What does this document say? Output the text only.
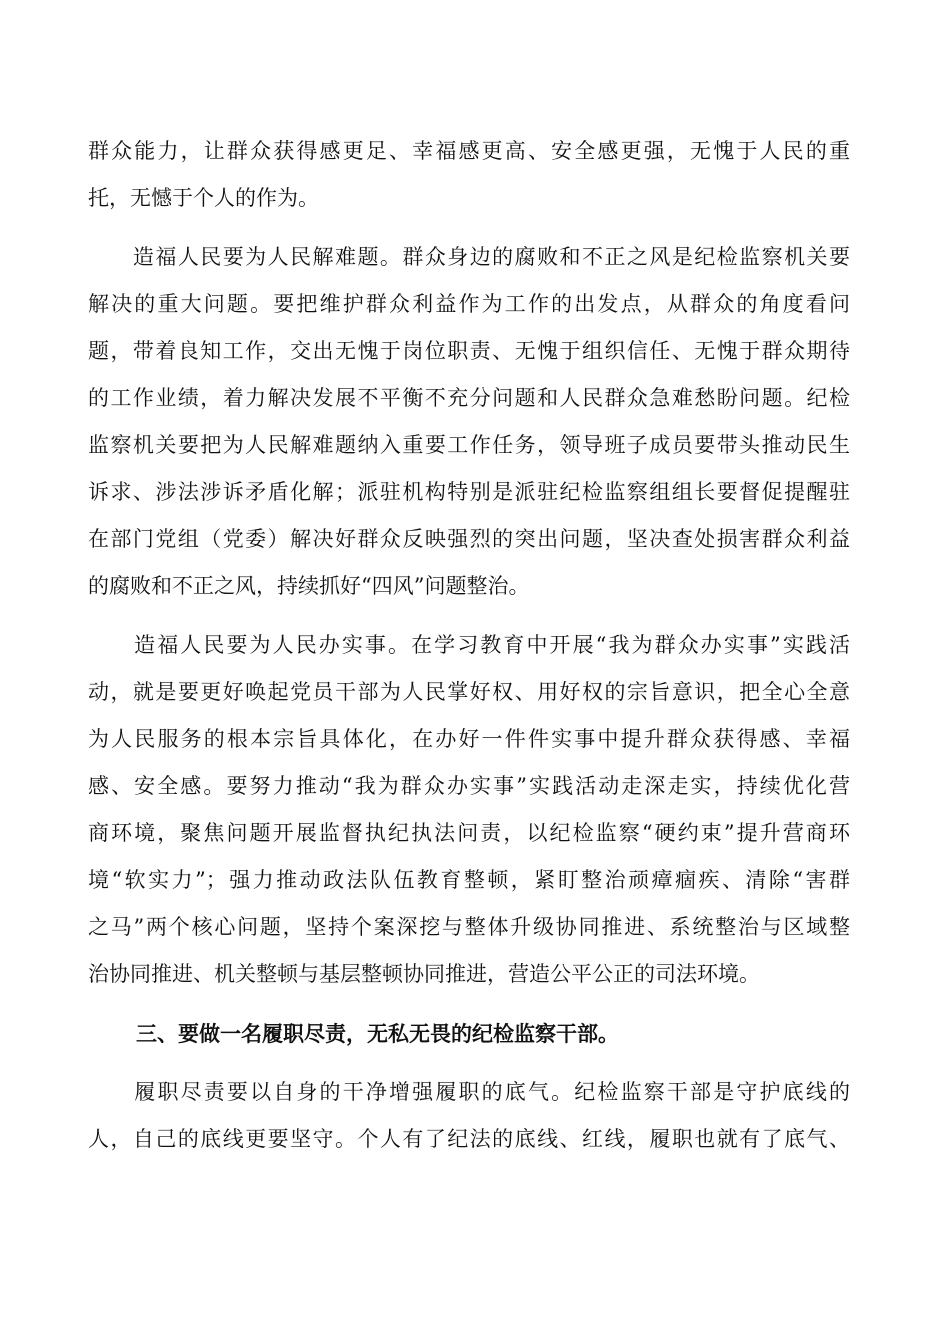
群众能力，让群众获得感更足、幸福感更高、安全感更强，无愧于人民的重
托，无憾于个人的作为。
　　造福人民要为人民解难题。群众身边的腐败和不正之风是纪检监察机关要
解决的重大问题。要把维护群众利益作为工作的出发点，从群众的角度看问
题，带着良知工作，交出无愧于岗位职责、无愧于组织信任、无愧于群众期待
的工作业绩，着力解决发展不平衡不充分问题和人民群众急难愁盼问题。纪检
监察机关要把为人民解难题纳入重要工作任务，领导班子成员要带头推动民生
诉求、涉法涉诉矛盾化解；派驻机构特别是派驻纪检监察组组长要督促提醒驻
在部门党组（党委）解决好群众反映强烈的突出问题，坚决查处损害群众利益
的腐败和不正之风，持续抓好“四风”问题整治。
　　造福人民要为人民办实事。在学习教育中开展“我为群众办实事”实践活
动，就是要更好唤起党员干部为人民掌好权、用好权的宗旨意识，把全心全意
为人民服务的根本宗旨具体化，在办好一件件实事中提升群众获得感、幸福
感、安全感。要努力推动“我为群众办实事”实践活动走深走实，持续优化营
商环境，聚焦问题开展监督执纪执法问责，以纪检监察“硬约束”提升营商环
境“软实力”；强力推动政法队伍教育整顿，紧盯整治顽瘴痼疾、清除“害群
之马”两个核心问题，坚持个案深挖与整体升级协同推进、系统整治与区域整
治协同推进、机关整顿与基层整顿协同推进，营造公平公正的司法环境。
三、要做一名履职尽责，无私无畏的纪检监察干部。
　　履职尽责要以自身的干净增强履职的底气。纪检监察干部是守护底线的
人，自己的底线更要坚守。个人有了纪法的底线、红线，履职也就有了底气、
